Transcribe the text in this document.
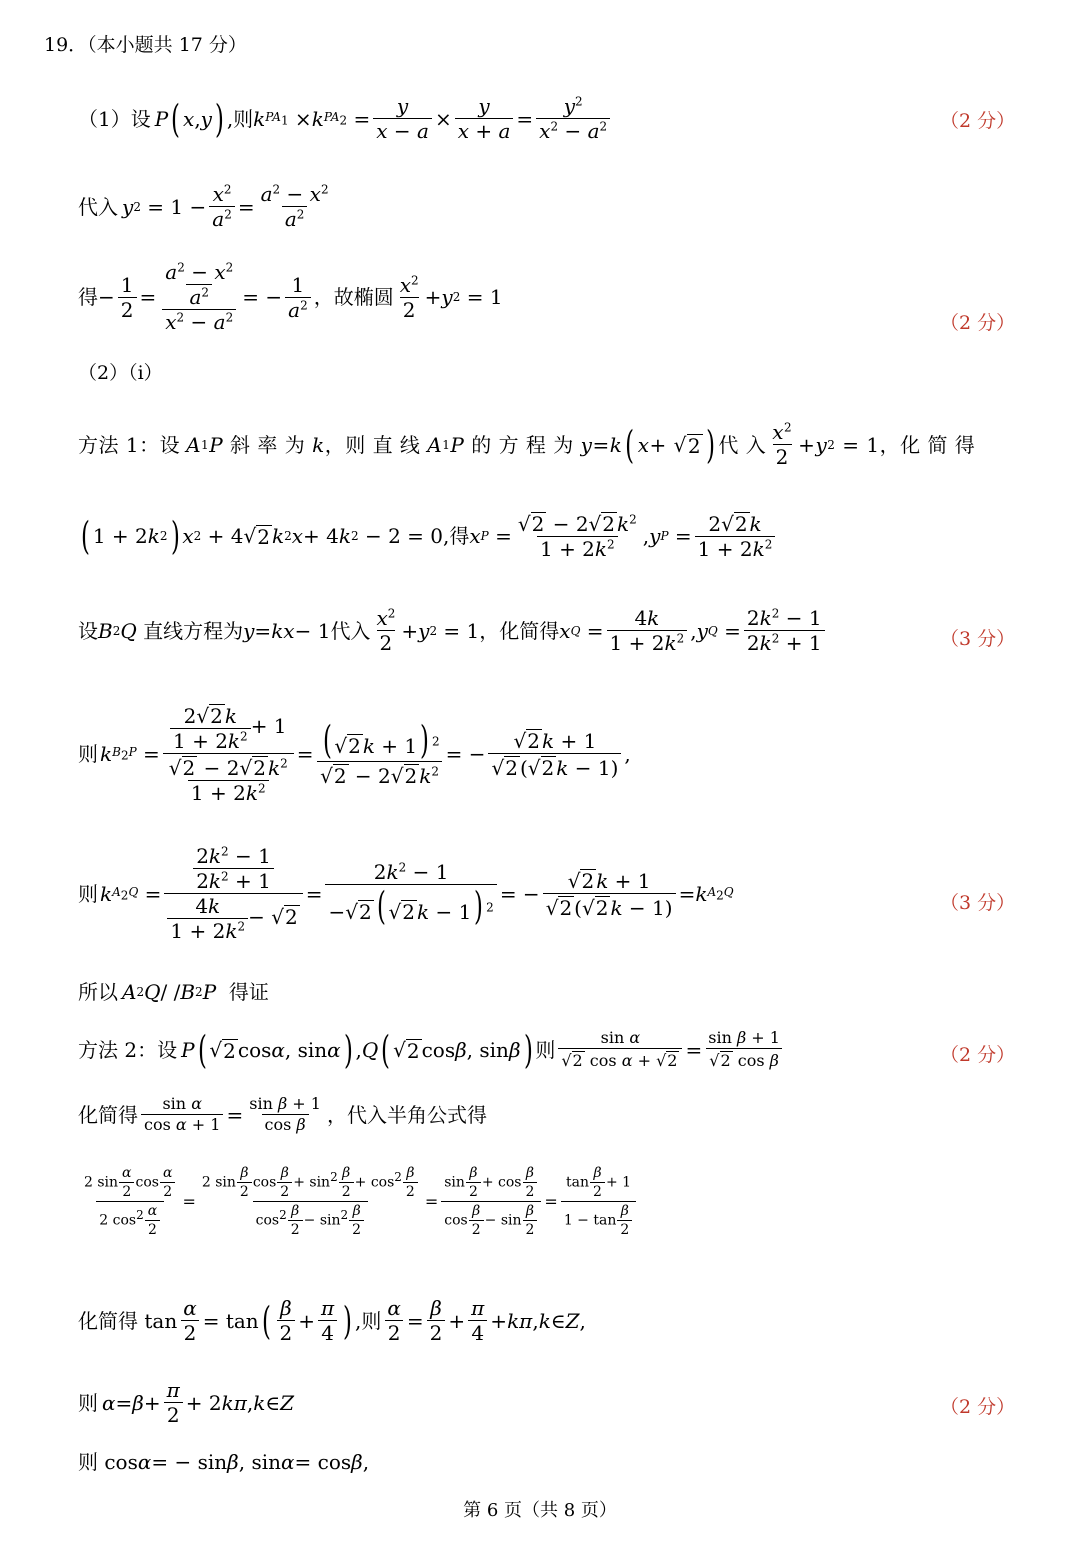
19．（本小题共 17 分）
（1）设 P ( x , y ) ,则 k $PA_1 \times k$ $PA_2 = \frac{y}{x - a} \times \frac{y}{x + a} = \frac{y^2}{x^2 - a^2}$	（2 分）
代入 y $2 = 1 - \frac{x^2}{a^2} = \frac{a^2 - x^2}{a^2}$
得 − $\frac{1}{2} = \frac{\frac{a^2 - x^2}{a^2}}{x^2 - a^2}$ = − $\frac{1}{a^2}$ ，故椭圆 $\frac{x^2}{2} + y$ 2 = 1
（2 分）
（2）（i）
方法 1：设 A 1 P
斜 率 为
k ，则 直 线
A 1 P
的 方 程 为
y = k ( x + √ 2 ) 代 入 $\frac{x^2}{2} + y$ 2 = 1 ，化 简 得
( 1 + 2 k 2 ) x 2 + 4√ 2 k 2 x + 4 k 2 − 2 = 0 ,得 x $P = \frac{√2 - 2√2 k^2}{1 + 2k^2}$ , y $P = \frac{2√2 k}{1 + 2k^2}$
设 B 2 Q
直线方程为 y = kx − 1 代入 $\frac{x^2}{2} + y$ 2 = 1 ，化简得 x $Q = \frac{4k}{1 + 2k^2}$ , y $Q = \frac{2k^2 - 1}{2k^2 + 1}$	（3 分）
则 k $B_2P = \frac{\frac{2√2 k}{1 + 2k^2} + 1}{\frac{√2 - 2√2 k^2}{1 + 2k^2}} = \frac{( √2 k + 1) ^2}{√2 - 2√2 k^2}$ = − $\frac{√2 k + 1}{√2 (√2 k - 1)}$ ,
则 k $A_2Q = \frac{\frac{2k^2 - 1}{2k^2 + 1}}{\frac{4k}{1 + 2k^2} - √2} = \frac{2k^2 - 1}{-√2 ( √2 k - 1) ^2}$ = − $\frac{√2 k + 1}{√2 (√2 k - 1)} = k$ $A_2Q$
（3 分）
所以 A 2 Q / / B 2 P
得证
方法 2：设 P ( √ 2 cos α , sin α ) , Q ( √ 2 cos β , sin β ) 则 $\frac{\text{sin α}}{\text{√2 cos α + √2}} = \frac{\text{sin β + 1}}{\text{√2 cos β}}$	（2 分）
化简得 $\frac{\text{sin α}}{\text{cos α + 1}} = \frac{\text{sin β + 1}}{\text{cos β}}$ ，代入半角公式得
$\frac{2 \sin \frac{\alpha}{2} \cos \frac{\alpha}{2}}{2 \cos^2 \frac{\alpha}{2}} = \frac{2 \sin \frac{\beta}{2} \cos \frac{\beta}{2} + \sin^2 \frac{\beta}{2} + \cos^2 \frac{\beta}{2}}{\cos^2 \frac{\beta}{2} - \sin^2 \frac{\beta}{2}} = \frac{\sin \frac{\beta}{2} + \cos \frac{\beta}{2}}{\cos \frac{\beta}{2} - \sin \frac{\beta}{2}} = \frac{\tan \frac{\beta}{2} + 1}{1 - \tan \frac{\beta}{2}}$
化简得 $\tan \frac{\alpha}{2} = \tan$ ( $\frac{\beta}{2} + \frac{\pi}{4}$ ) ,则 $\frac{\alpha}{2} = \frac{\beta}{2} + \frac{\pi}{4} + k\pi$ , k ∈ Z ,
则 $\alpha = \beta + \frac{\pi}{2} + 2$ kπ , k ∈ Z	（2 分）
则 cos α = − sin β , sin α = cos β ,
第 6 页（共 8 页）
